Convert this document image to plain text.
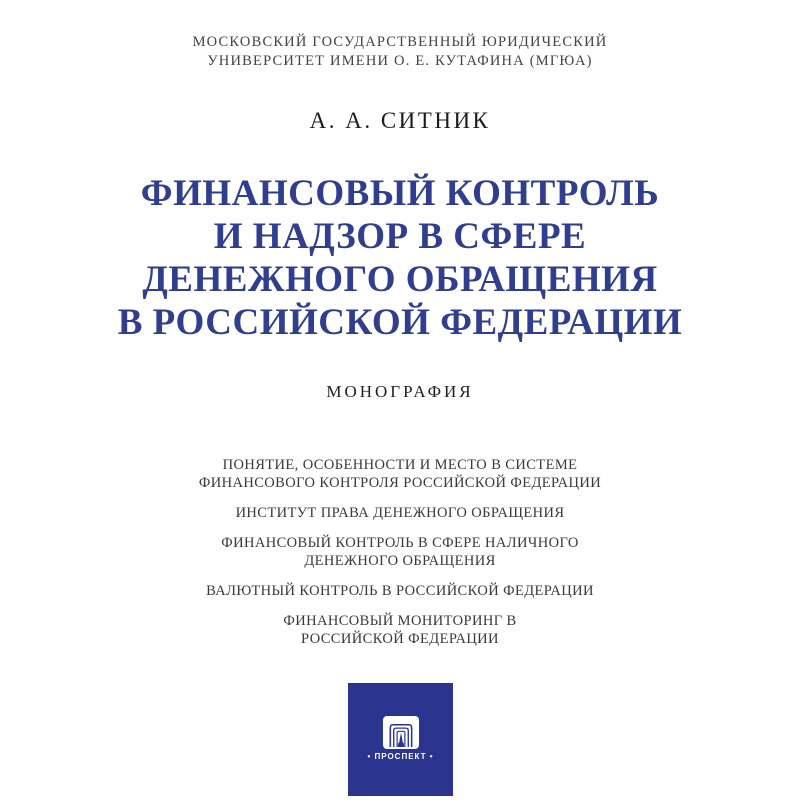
МОСКОВСКИЙ ГОСУДАРСТВЕННЫЙ ЮРИДИЧЕСКИЙ
УНИВЕРСИТЕТ ИМЕНИ О. Е. КУТАФИНА (МГЮА)
А. А. СИТНИК
ФИНАНСОВЫЙ КОНТРОЛЬ
И НАДЗОР В СФЕРЕ
ДЕНЕЖНОГО ОБРАЩЕНИЯ
В РОССИЙСКОЙ ФЕДЕРАЦИИ
МОНОГРАФИЯ

ПОНЯТИЕ, ОСОБЕННОСТИ И МЕСТО В СИСТЕМЕ ФИНАНСОВОГО КОНТРОЛЯ РОССИЙСКОЙ ФЕДЕРАЦИИ

ИНСТИТУТ ПРАВА ДЕНЕЖНОГО ОБРАЩЕНИЯ

ФИНАНСОВЫЙ КОНТРОЛЬ В СФЕРЕ НАЛИЧНОГО ДЕНЕЖНОГО ОБРАЩЕНИЯ

ВАЛЮТНЫЙ КОНТРОЛЬ В РОССИЙСКОЙ ФЕДЕРАЦИИ

ФИНАНСОВЫЙ МОНИТОРИНГ В РОССИЙСКОЙ ФЕДЕРАЦИИ

• ПРОСПЕКТ •
